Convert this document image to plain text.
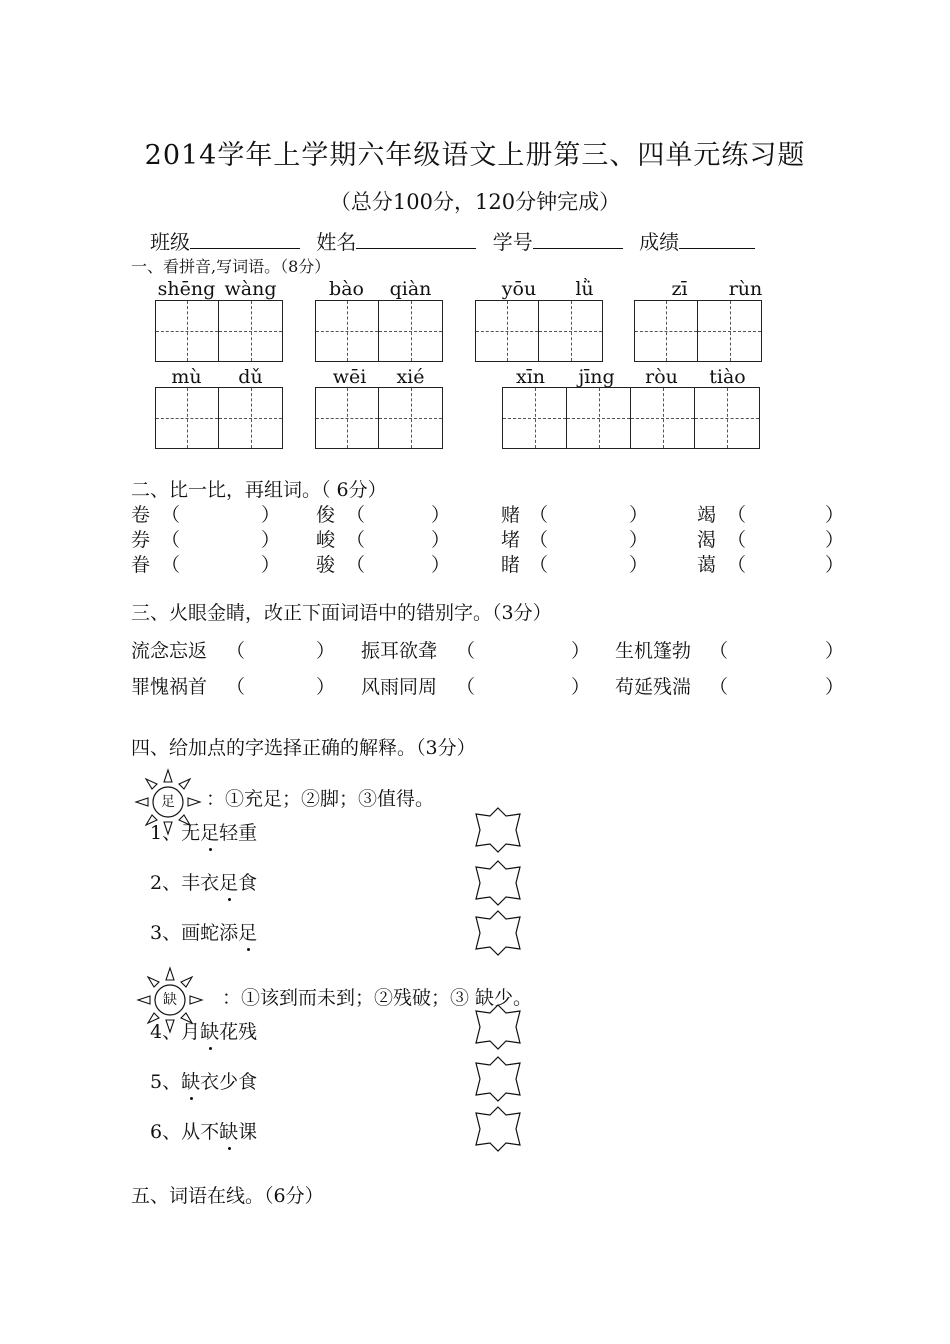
2014学年上学期六年级语文上册第三、四单元练习题
（总分100分，120分钟完成）
班级	姓名	学号	成绩
一、看拼音,写词语。（8分）
shēng wàng	bào	qiàn	yōu	lǜ	zī	rùn
mù	dǔ	wēi	xié	xīn	jīng	ròu	tiào
二、比一比，再组词。（ 6分）
卷 （	） 俊 （	）	赌 （	）	竭 （	）
券 （	） 峻 （	）	堵 （	）	渴 （	）
眷 （	） 骏 （	）	睹 （	）	蔼 （	）
三、火眼金睛，改正下面词语中的错别字。（3分）
流念忘返 （	） 振耳欲聋 （	） 生机篷勃 （	）
罪愧祸首 （	） 风雨同周 （	） 苟延残湍 （	）
四、给加点的字选择正确的解释。（3分）
足	：①充足；②脚；③值得。
1、无足轻重
2、丰衣足食
3、画蛇添足
缺	：①该到而未到；②残破；③ 缺少。
4、月缺花残
5、缺衣少食
6、从不缺课
五、词语在线。（6分）
